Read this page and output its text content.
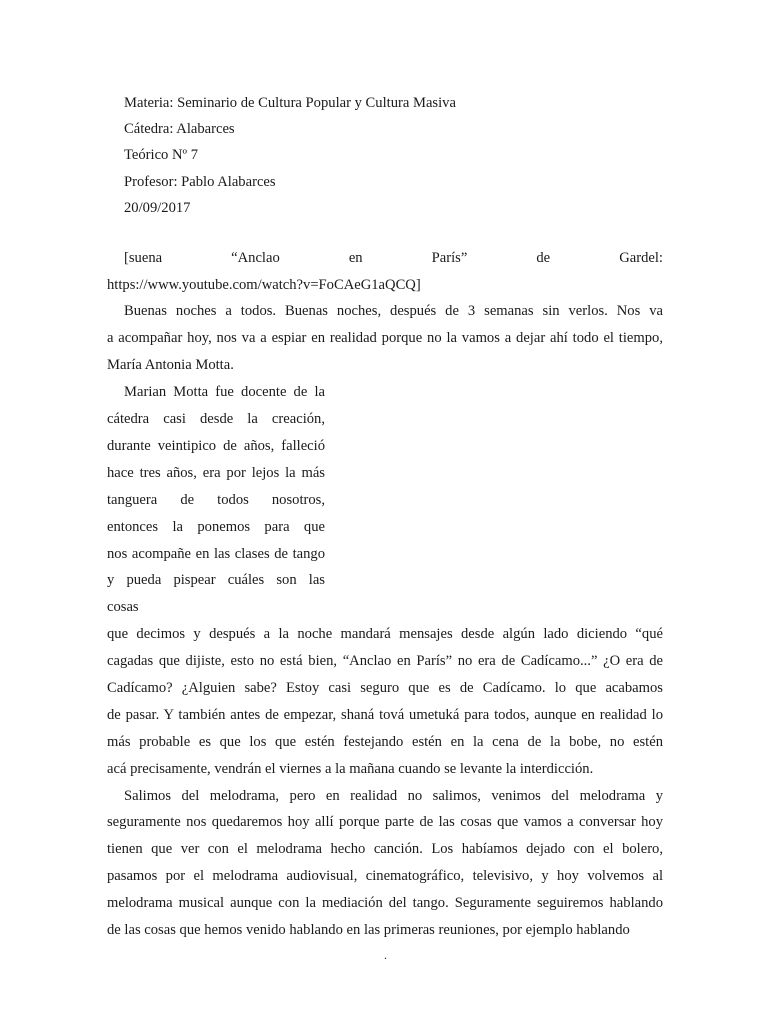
Materia: Seminario de Cultura Popular y Cultura Masiva
Cátedra: Alabarces
Teórico Nº 7
Profesor: Pablo Alabarces
20/09/2017
[suena	“Anclao	en	París”	de	Gardel:
https://www.youtube.com/watch?v=FoCAeG1aQCQ]
Buenas noches a todos. Buenas noches, después de 3 semanas sin verlos. Nos va
a acompañar hoy, nos va a espiar en realidad porque no la vamos a dejar ahí todo el tiempo,
María Antonia Motta.
Marian Motta fue docente de la
cátedra casi desde la creación,
durante veintipico de años, falleció
hace tres años, era por lejos la más
tanguera de todos nosotros,
entonces la ponemos para que
nos acompañe en las clases de tango
y pueda pispear cuáles son las
cosas
que decimos y después a la noche mandará mensajes desde algún lado diciendo “qué
cagadas que dijiste, esto no está bien, “Anclao en París” no era de Cadícamo...” ¿O era de
Cadícamo? ¿Alguien sabe? Estoy casi seguro que es de Cadícamo. lo que acabamos
de pasar. Y también antes de empezar, shaná tová umetuká para todos, aunque en realidad lo
más probable es que los que estén festejando estén en la cena de la bobe, no estén
acá precisamente, vendrán el viernes a la mañana cuando se levante la interdicción.
Salimos del melodrama, pero en realidad no salimos, venimos del melodrama y
seguramente nos quedaremos hoy allí porque parte de las cosas que vamos a conversar hoy
tienen que ver con el melodrama hecho canción. Los habíamos dejado con el bolero,
pasamos por el melodrama audiovisual, cinematográfico, televisivo, y hoy volvemos al
melodrama musical aunque con la mediación del tango. Seguramente seguiremos hablando
de las cosas que hemos venido hablando en las primeras reuniones, por ejemplo hablando
.
